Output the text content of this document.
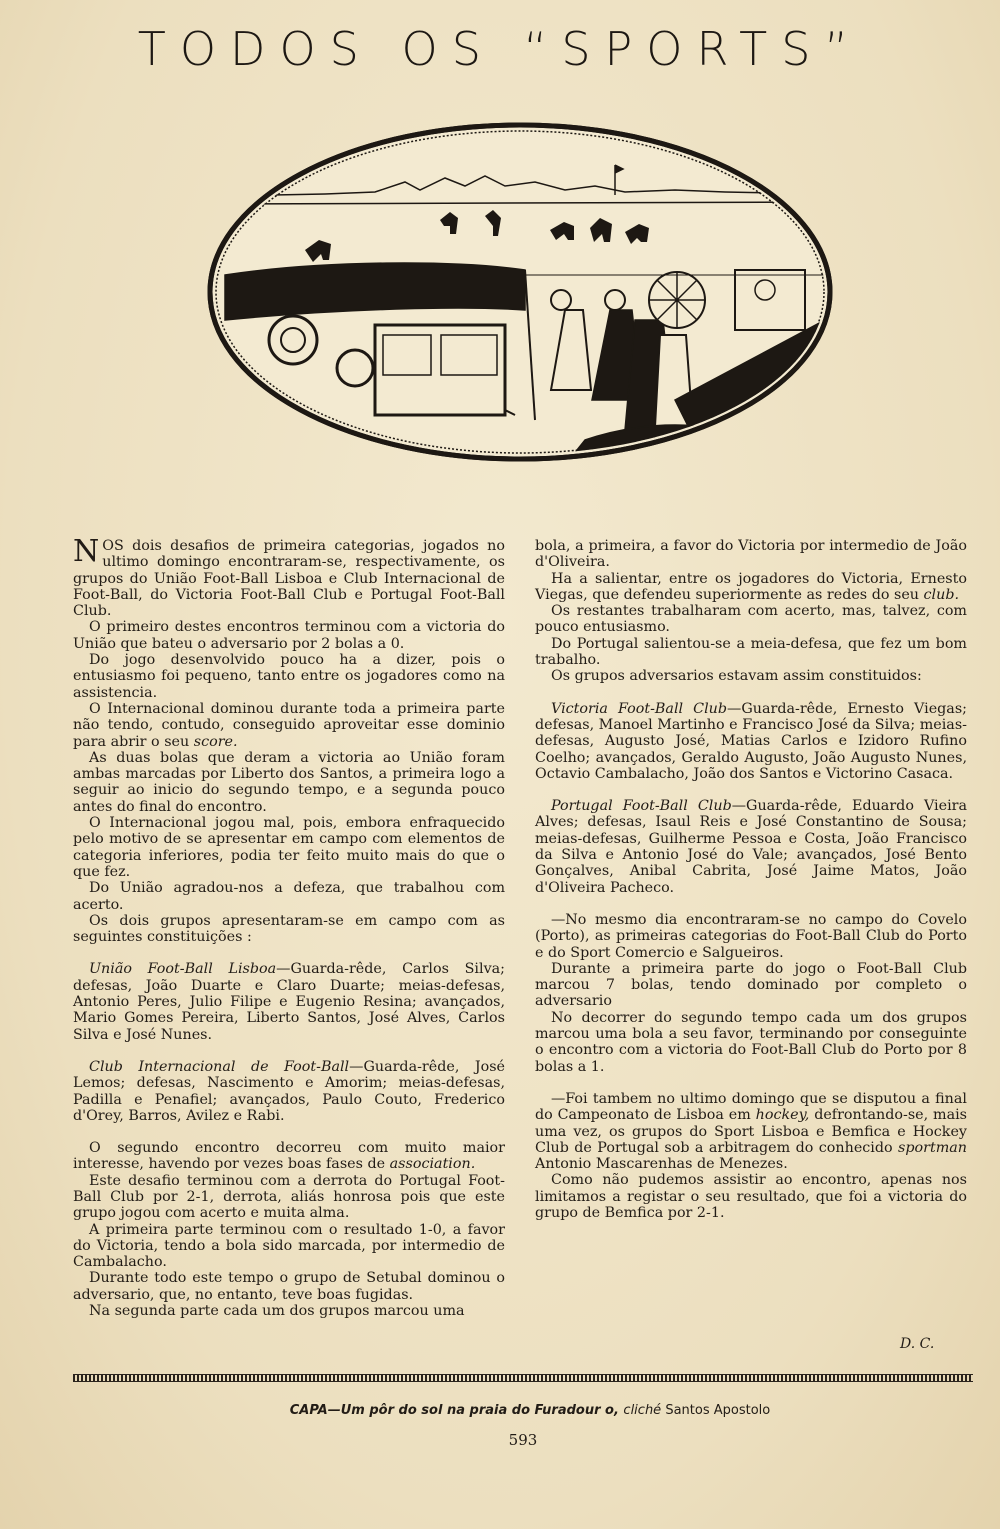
TODOS OS “SPORTS”

NOS dois desafios de primeira categorias, jogados no ultimo domingo encontraram-se, respectivamente, os grupos do União Foot-Ball Lisboa e Club Internacional de Foot-Ball, do Victoria Foot-Ball Club e Portugal Foot-Ball Club.

O primeiro destes encontros terminou com a victoria do União que bateu o adversario por 2 bolas a 0.

Do jogo desenvolvido pouco ha a dizer, pois o entusiasmo foi pequeno, tanto entre os jogadores como na assistencia.

O Internacional dominou durante toda a primeira parte não tendo, contudo, conseguido aproveitar esse dominio para abrir o seu score.

As duas bolas que deram a victoria ao União foram ambas marcadas por Liberto dos Santos, a primeira logo a seguir ao inicio do segundo tempo, e a segunda pouco antes do final do encontro.

O Internacional jogou mal, pois, embora enfraquecido pelo motivo de se apresentar em campo com elementos de categoria inferiores, podia ter feito muito mais do que o que fez.

Do União agradou-nos a defeza, que trabalhou com acerto.

Os dois grupos apresentaram-se em campo com as seguintes constituições :

União Foot-Ball Lisboa—Guarda-rêde, Carlos Silva; defesas, João Duarte e Claro Duarte; meias-defesas, Antonio Peres, Julio Filipe e Eugenio Resina; avançados, Mario Gomes Pereira, Liberto Santos, José Alves, Carlos Silva e José Nunes.

Club Internacional de Foot-Ball—Guarda-rêde, José Lemos; defesas, Nascimento e Amorim; meias-defesas, Padilla e Penafiel; avançados, Paulo Couto, Frederico d'Orey, Barros, Avilez e Rabi.

O segundo encontro decorreu com muito maior interesse, havendo por vezes boas fases de association.

Este desafio terminou com a derrota do Portugal Foot-Ball Club por 2-1, derrota, aliás honrosa pois que este grupo jogou com acerto e muita alma.

A primeira parte terminou com o resultado 1-0, a favor do Victoria, tendo a bola sido marcada, por intermedio de Cambalacho.

Durante todo este tempo o grupo de Setubal dominou o adversario, que, no entanto, teve boas fugidas.

Na segunda parte cada um dos grupos marcou uma

bola, a primeira, a favor do Victoria por intermedio de João d'Oliveira.

Ha a salientar, entre os jogadores do Victoria, Ernesto Viegas, que defendeu superiormente as redes do seu club.

Os restantes trabalharam com acerto, mas, talvez, com pouco entusiasmo.

Do Portugal salientou-se a meia-defesa, que fez um bom trabalho.

Os grupos adversarios estavam assim constituidos:

Victoria Foot-Ball Club—Guarda-rêde, Ernesto Viegas; defesas, Manoel Martinho e Francisco José da Silva; meias-defesas, Augusto José, Matias Carlos e Izidoro Rufino Coelho; avançados, Geraldo Augusto, João Augusto Nunes, Octavio Cambalacho, João dos Santos e Victorino Casaca.

Portugal Foot-Ball Club—Guarda-rêde, Eduardo Vieira Alves; defesas, Isaul Reis e José Constantino de Sousa; meias-defesas, Guilherme Pessoa e Costa, João Francisco da Silva e Antonio José do Vale; avançados, José Bento Gonçalves, Anibal Cabrita, José Jaime Matos, João d'Oliveira Pacheco.

—No mesmo dia encontraram-se no campo do Covelo (Porto), as primeiras categorias do Foot-Ball Club do Porto e do Sport Comercio e Salgueiros.

Durante a primeira parte do jogo o Foot-Ball Club marcou 7 bolas, tendo dominado por completo o adversario

No decorrer do segundo tempo cada um dos grupos marcou uma bola a seu favor, terminando por conseguinte o encontro com a victoria do Foot-Ball Club do Porto por 8 bolas a 1.

—Foi tambem no ultimo domingo que se disputou a final do Campeonato de Lisboa em hockey, defrontando-se, mais uma vez, os grupos do Sport Lisboa e Bemfica e Hockey Club de Portugal sob a arbitragem do conhecido sportman Antonio Mascarenhas de Menezes.

Como não pudemos assistir ao encontro, apenas nos limitamos a registar o seu resultado, que foi a victoria do grupo de Bemfica por 2-1.

D. C.
CAPA—Um pôr do sol na praia do Furadour o, cliché Santos Apostolo
593
